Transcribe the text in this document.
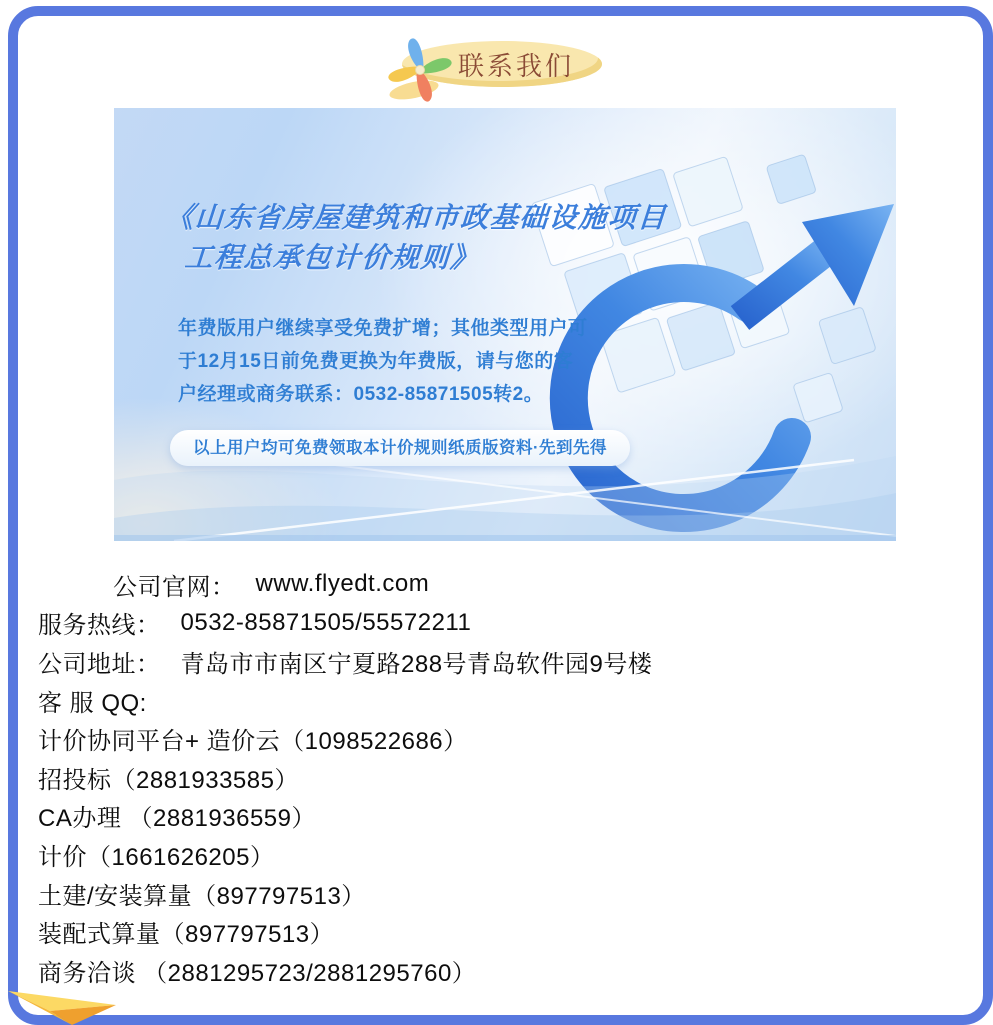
联系我们
《山东省房屋建筑和市政基础设施项目
工程总承包计价规则》
年费版用户继续享受免费扩增；其他类型用户可
于12月15日前免费更换为年费版，请与您的客
户经理或商务联系：0532-85871505转2。
以上用户均可免费领取本计价规则纸质版资料·先到先得
公司官网： www.flyedt.com
服务热线： 0532-85871505/55572211
公司地址： 青岛市市南区宁夏路288号青岛软件园9号楼
客 服 QQ:
计价协同平台+ 造价云（1098522686）
招投标（2881933585）
CA办理 （2881936559）
计价（1661626205）
土建/安装算量（897797513）
装配式算量（897797513）
商务洽谈 （2881295723/2881295760）
